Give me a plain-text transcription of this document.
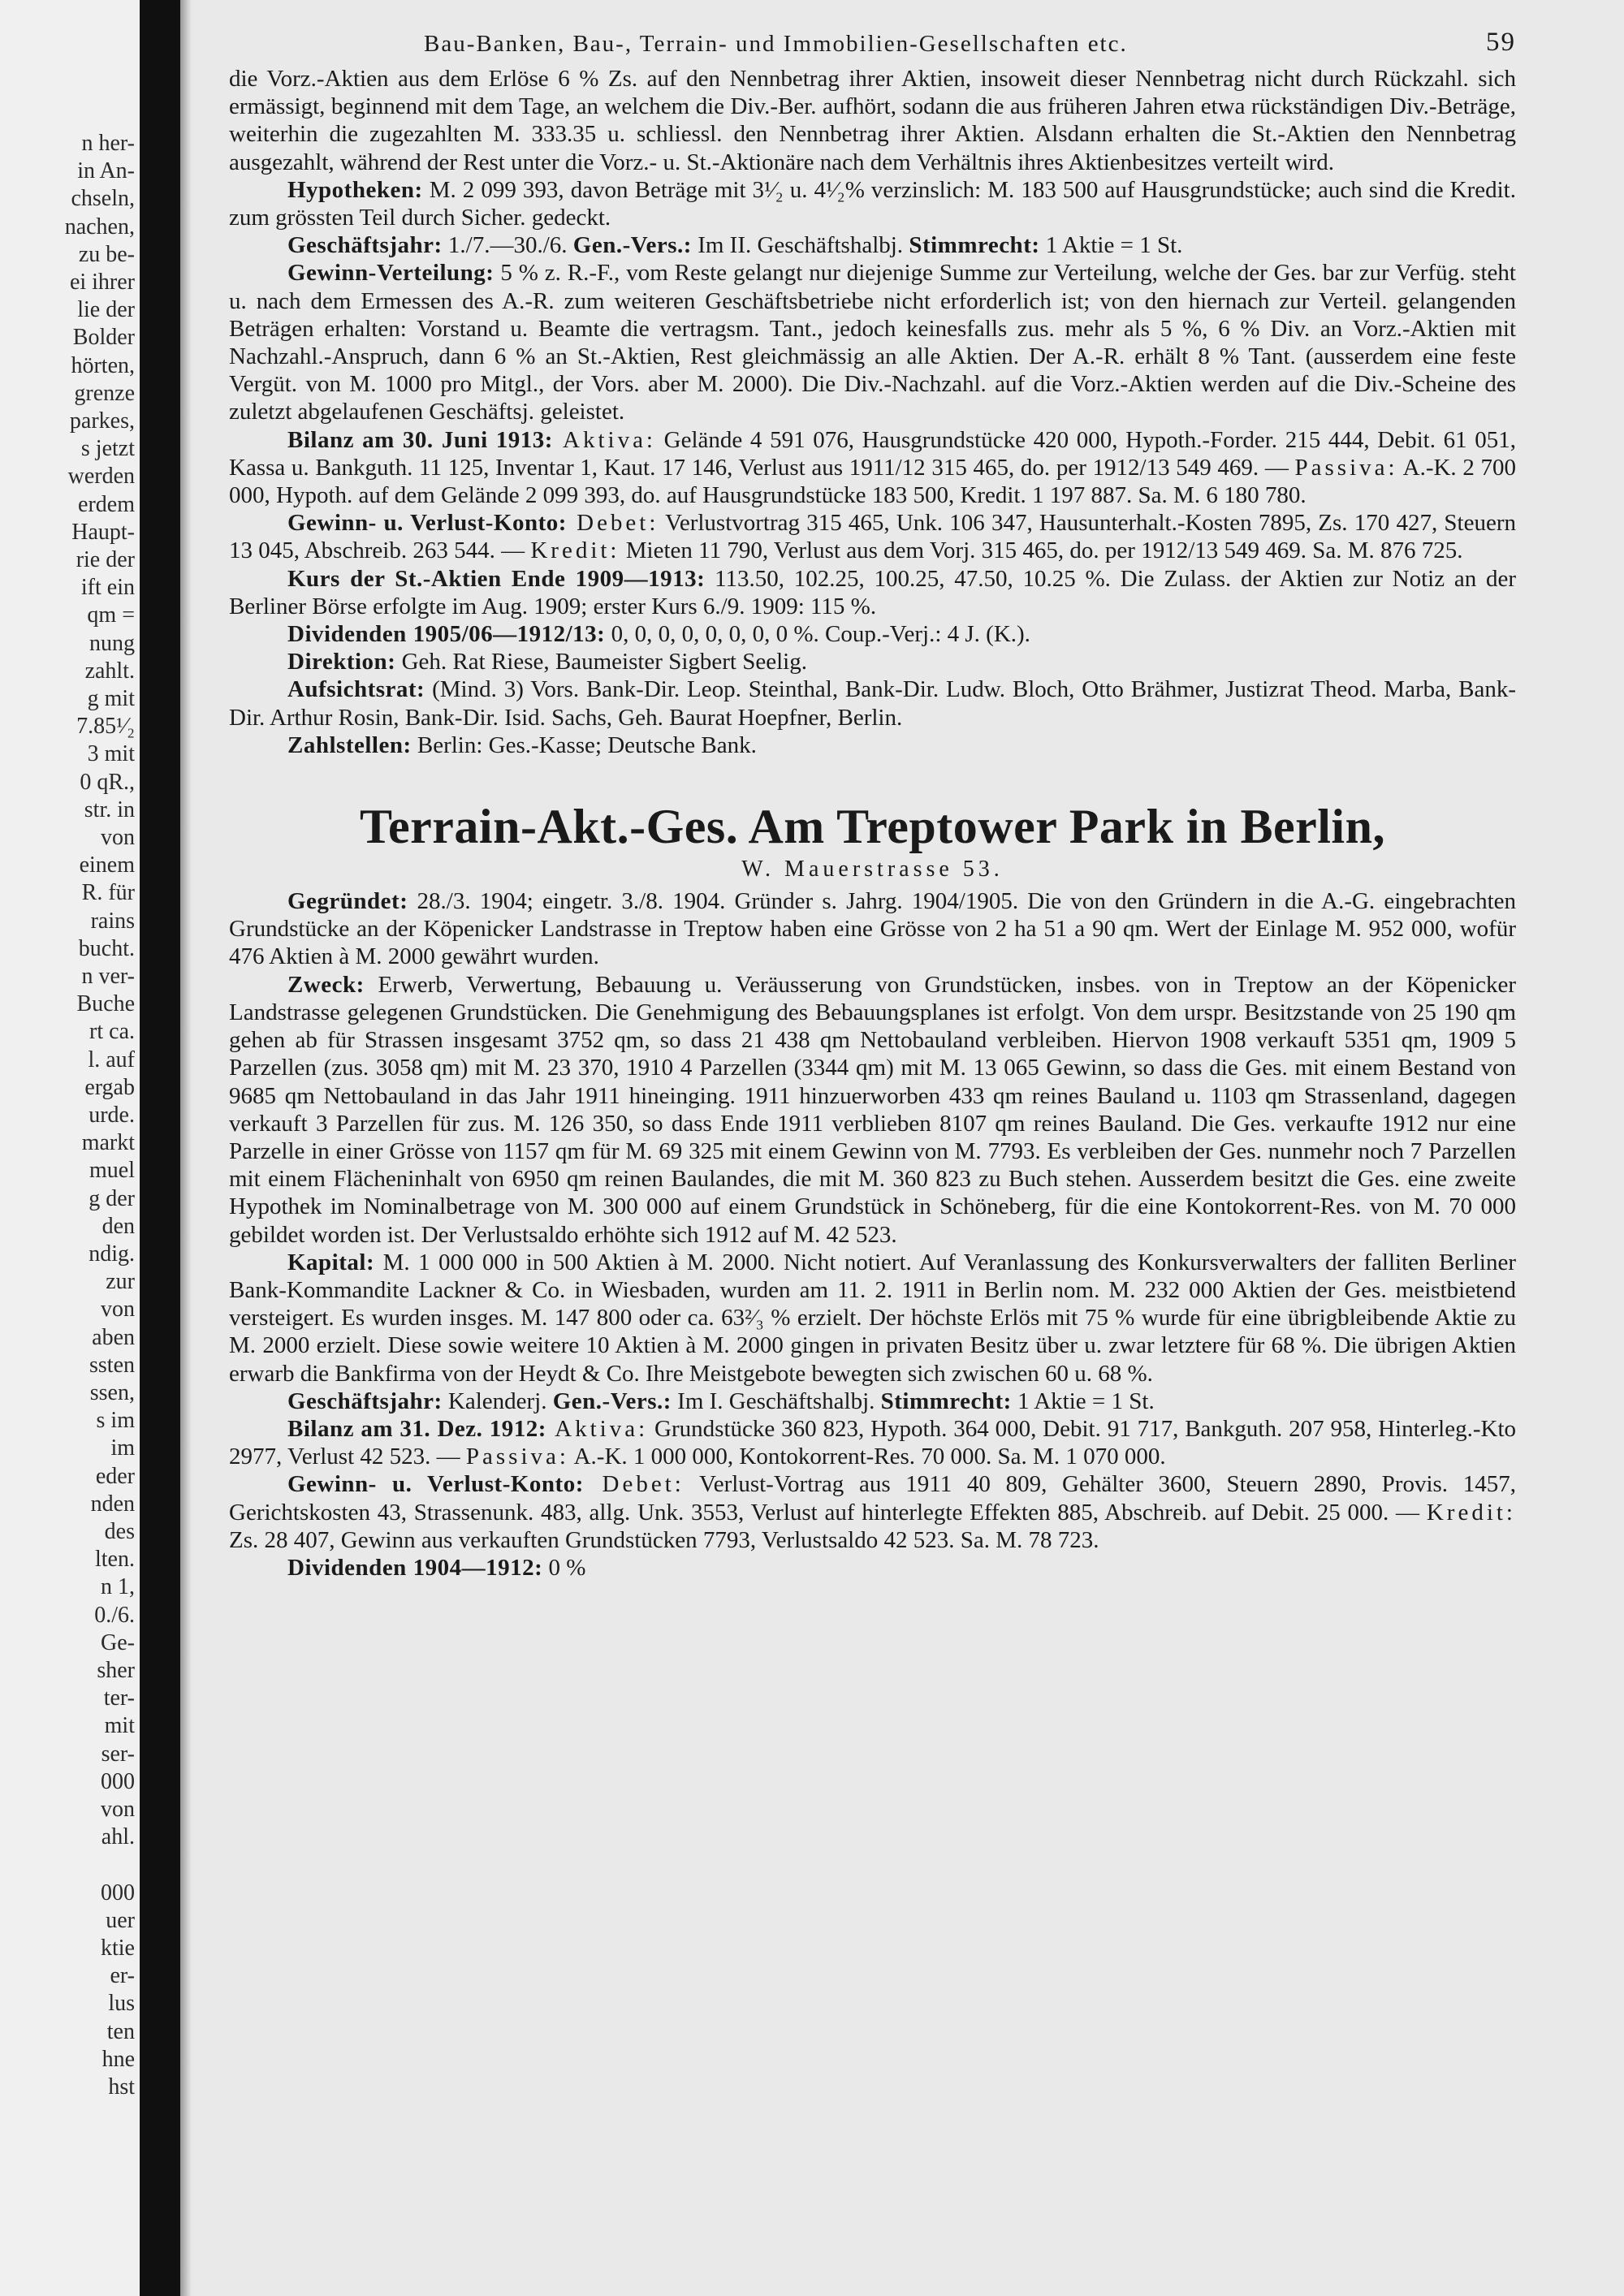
n her-
in An-
chseln,
nachen,
zu be-
ei ihrer
lie der
Bolder
hörten,
grenze
parkes,
s jetzt
werden
erdem
Haupt-
rie der
ift ein
qm =
nung
zahlt.
g mit
7.85¹⁄₂
3 mit
0 qR.,
str. in
von
einem
R. für
rains
bucht.
n ver-
Buche
rt ca.
l. auf
ergab
urde.
markt
muel
g der
den
ndig.
zur
von
aben
ssten
ssen,
s im
im
eder
nden
des
lten.
n 1,
0./6.
Ge-
sher
ter-
mit
ser-
000
von
ahl.
000
uer
ktie
er-
lus
ten
hne
hst
Bau-Banken, Bau-, Terrain- und Immobilien-Gesellschaften etc.	59

die Vorz.-Aktien aus dem Erlöse 6 % Zs. auf den Nennbetrag ihrer Aktien, insoweit dieser Nennbetrag nicht durch Rückzahl. sich ermässigt, beginnend mit dem Tage, an welchem die Div.-Ber. aufhört, sodann die aus früheren Jahren etwa rückständigen Div.-Beträge, weiterhin die zugezahlten M. 333.35 u. schliessl. den Nennbetrag ihrer Aktien. Alsdann erhalten die St.-Aktien den Nennbetrag ausgezahlt, während der Rest unter die Vorz.- u. St.-Aktionäre nach dem Verhältnis ihres Aktienbesitzes verteilt wird.

Hypotheken: M. 2 099 393, davon Beträge mit 3¹⁄₂ u. 4¹⁄₂% verzinslich: M. 183 500 auf Hausgrundstücke; auch sind die Kredit. zum grössten Teil durch Sicher. gedeckt.

Geschäftsjahr: 1./7.—30./6. Gen.-Vers.: Im II. Geschäftshalbj. Stimmrecht: 1 Aktie = 1 St.

Gewinn-Verteilung: 5 % z. R.-F., vom Reste gelangt nur diejenige Summe zur Verteilung, welche der Ges. bar zur Verfüg. steht u. nach dem Ermessen des A.-R. zum weiteren Geschäftsbetriebe nicht erforderlich ist; von den hiernach zur Verteil. gelangenden Beträgen erhalten: Vorstand u. Beamte die vertragsm. Tant., jedoch keinesfalls zus. mehr als 5 %, 6 % Div. an Vorz.-Aktien mit Nachzahl.-Anspruch, dann 6 % an St.-Aktien, Rest gleichmässig an alle Aktien. Der A.-R. erhält 8 % Tant. (ausserdem eine feste Vergüt. von M. 1000 pro Mitgl., der Vors. aber M. 2000). Die Div.-Nachzahl. auf die Vorz.-Aktien werden auf die Div.-Scheine des zuletzt abgelaufenen Geschäftsj. geleistet.

Bilanz am 30. Juni 1913: Aktiva: Gelände 4 591 076, Hausgrundstücke 420 000, Hypoth.-Forder. 215 444, Debit. 61 051, Kassa u. Bankguth. 11 125, Inventar 1, Kaut. 17 146, Verlust aus 1911/12 315 465, do. per 1912/13 549 469. — Passiva: A.-K. 2 700 000, Hypoth. auf dem Gelände 2 099 393, do. auf Hausgrundstücke 183 500, Kredit. 1 197 887. Sa. M. 6 180 780.

Gewinn- u. Verlust-Konto: Debet: Verlustvortrag 315 465, Unk. 106 347, Hausunterhalt.-Kosten 7895, Zs. 170 427, Steuern 13 045, Abschreib. 263 544. — Kredit: Mieten 11 790, Verlust aus dem Vorj. 315 465, do. per 1912/13 549 469. Sa. M. 876 725.

Kurs der St.-Aktien Ende 1909—1913: 113.50, 102.25, 100.25, 47.50, 10.25 %. Die Zulass. der Aktien zur Notiz an der Berliner Börse erfolgte im Aug. 1909; erster Kurs 6./9. 1909: 115 %.

Dividenden 1905/06—1912/13: 0, 0, 0, 0, 0, 0, 0, 0 %. Coup.-Verj.: 4 J. (K.).

Direktion: Geh. Rat Riese, Baumeister Sigbert Seelig.

Aufsichtsrat: (Mind. 3) Vors. Bank-Dir. Leop. Steinthal, Bank-Dir. Ludw. Bloch, Otto Brähmer, Justizrat Theod. Marba, Bank-Dir. Arthur Rosin, Bank-Dir. Isid. Sachs, Geh. Baurat Hoepfner, Berlin.

Zahlstellen: Berlin: Ges.-Kasse; Deutsche Bank.

Terrain-Akt.-Ges. Am Treptower Park in Berlin,
W. Mauerstrasse 53.

Gegründet: 28./3. 1904; eingetr. 3./8. 1904. Gründer s. Jahrg. 1904/1905. Die von den Gründern in die A.-G. eingebrachten Grundstücke an der Köpenicker Landstrasse in Treptow haben eine Grösse von 2 ha 51 a 90 qm. Wert der Einlage M. 952 000, wofür 476 Aktien à M. 2000 gewährt wurden.

Zweck: Erwerb, Verwertung, Bebauung u. Veräusserung von Grundstücken, insbes. von in Treptow an der Köpenicker Landstrasse gelegenen Grundstücken. Die Genehmigung des Bebauungsplanes ist erfolgt. Von dem urspr. Besitzstande von 25 190 qm gehen ab für Strassen insgesamt 3752 qm, so dass 21 438 qm Nettobauland verbleiben. Hiervon 1908 verkauft 5351 qm, 1909 5 Parzellen (zus. 3058 qm) mit M. 23 370, 1910 4 Parzellen (3344 qm) mit M. 13 065 Gewinn, so dass die Ges. mit einem Bestand von 9685 qm Nettobauland in das Jahr 1911 hineinging. 1911 hinzuerworben 433 qm reines Bauland u. 1103 qm Strassenland, dagegen verkauft 3 Parzellen für zus. M. 126 350, so dass Ende 1911 verblieben 8107 qm reines Bauland. Die Ges. verkaufte 1912 nur eine Parzelle in einer Grösse von 1157 qm für M. 69 325 mit einem Gewinn von M. 7793. Es verbleiben der Ges. nunmehr noch 7 Parzellen mit einem Flächeninhalt von 6950 qm reinen Baulandes, die mit M. 360 823 zu Buch stehen. Ausserdem besitzt die Ges. eine zweite Hypothek im Nominalbetrage von M. 300 000 auf einem Grundstück in Schöneberg, für die eine Kontokorrent-Res. von M. 70 000 gebildet worden ist. Der Verlustsaldo erhöhte sich 1912 auf M. 42 523.

Kapital: M. 1 000 000 in 500 Aktien à M. 2000. Nicht notiert. Auf Veranlassung des Konkursverwalters der falliten Berliner Bank-Kommandite Lackner & Co. in Wiesbaden, wurden am 11. 2. 1911 in Berlin nom. M. 232 000 Aktien der Ges. meistbietend versteigert. Es wurden insges. M. 147 800 oder ca. 63²⁄₃ % erzielt. Der höchste Erlös mit 75 % wurde für eine übrigbleibende Aktie zu M. 2000 erzielt. Diese sowie weitere 10 Aktien à M. 2000 gingen in privaten Besitz über u. zwar letztere für 68 %. Die übrigen Aktien erwarb die Bankfirma von der Heydt & Co. Ihre Meistgebote bewegten sich zwischen 60 u. 68 %.

Geschäftsjahr: Kalenderj. Gen.-Vers.: Im I. Geschäftshalbj. Stimmrecht: 1 Aktie = 1 St.

Bilanz am 31. Dez. 1912: Aktiva: Grundstücke 360 823, Hypoth. 364 000, Debit. 91 717, Bankguth. 207 958, Hinterleg.-Kto 2977, Verlust 42 523. — Passiva: A.-K. 1 000 000, Kontokorrent-Res. 70 000. Sa. M. 1 070 000.

Gewinn- u. Verlust-Konto: Debet: Verlust-Vortrag aus 1911 40 809, Gehälter 3600, Steuern 2890, Provis. 1457, Gerichtskosten 43, Strassenunk. 483, allg. Unk. 3553, Verlust auf hinterlegte Effekten 885, Abschreib. auf Debit. 25 000. — Kredit: Zs. 28 407, Gewinn aus verkauften Grundstücken 7793, Verlustsaldo 42 523. Sa. M. 78 723.

Dividenden 1904—1912: 0 %
